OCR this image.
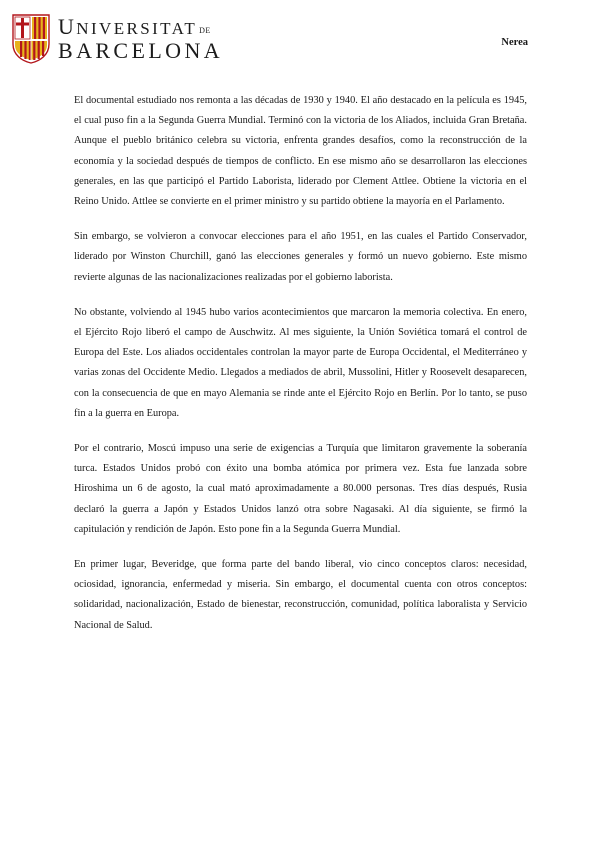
UNIVERSITAT DE
BARCELONA	Nerea

El documental estudiado nos remonta a las décadas de 1930 y 1940. El año destacado en la película es 1945, el cual puso fin a la Segunda Guerra Mundial. Terminó con la victoria de los Aliados, incluida Gran Bretaña. Aunque el pueblo británico celebra su victoria, enfrenta grandes desafíos, como la reconstrucción de la economía y la sociedad después de tiempos de conflicto. En ese mismo año se desarrollaron las elecciones generales, en las que participó el Partido Laborista, liderado por Clement Attlee. Obtiene la victoria en el Reino Unido. Attlee se convierte en el primer ministro y su partido obtiene la mayoría en el Parlamento.

Sin embargo, se volvieron a convocar elecciones para el año 1951, en las cuales el Partido Conservador, liderado por Winston Churchill, ganó las elecciones generales y formó un nuevo gobierno. Este mismo revierte algunas de las nacionalizaciones realizadas por el gobierno laborista.

No obstante, volviendo al 1945 hubo varios acontecimientos que marcaron la memoria colectiva. En enero, el Ejército Rojo liberó el campo de Auschwitz. Al mes siguiente, la Unión Soviética tomará el control de Europa del Este. Los aliados occidentales controlan la mayor parte de Europa Occidental, el Mediterráneo y varias zonas del Occidente Medio. Llegados a mediados de abril, Mussolini, Hitler y Roosevelt desaparecen, con la consecuencia de que en mayo Alemania se rinde ante el Ejército Rojo en Berlín. Por lo tanto, se puso fin a la guerra en Europa.

Por el contrario, Moscú impuso una serie de exigencias a Turquía que limitaron gravemente la soberanía turca. Estados Unidos probó con éxito una bomba atómica por primera vez. Esta fue lanzada sobre Hiroshima un 6 de agosto, la cual mató aproximadamente a 80.000 personas. Tres días después, Rusia declaró la guerra a Japón y Estados Unidos lanzó otra sobre Nagasaki. Al día siguiente, se firmó la capitulación y rendición de Japón. Esto pone fin a la Segunda Guerra Mundial.

En primer lugar, Beveridge, que forma parte del bando liberal, vio cinco conceptos claros: necesidad, ociosidad, ignorancia, enfermedad y miseria. Sin embargo, el documental cuenta con otros conceptos: solidaridad, nacionalización, Estado de bienestar, reconstrucción, comunidad, política laboralista y Servicio Nacional de Salud.
